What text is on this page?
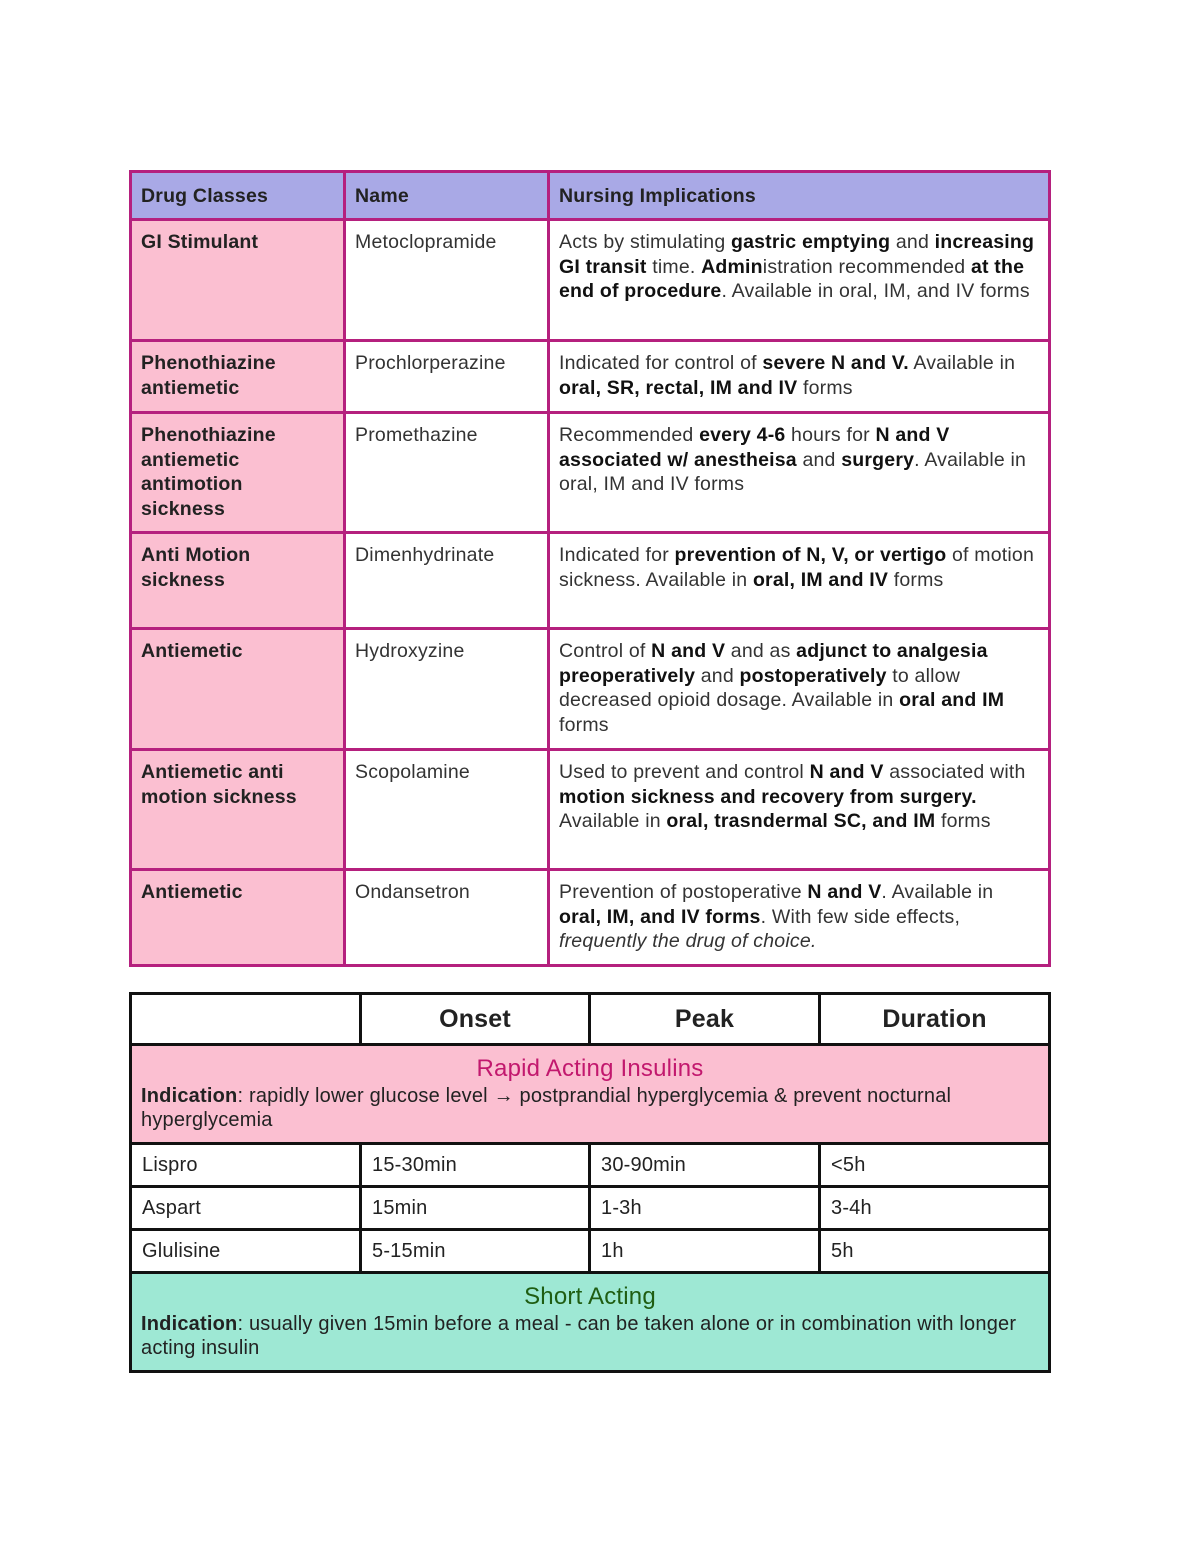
Drug Classes	Name	Nursing Implications
GI Stimulant	Metoclopramide	Acts by stimulating gastric emptying and increasing GI transit time. Administration recommended at the end of procedure. Available in oral, IM, and IV forms
Phenothiazine antiemetic	Prochlorperazine	Indicated for control of severe N and V. Available in oral, SR, rectal, IM and IV forms
Phenothiazine antiemetic antimotion sickness	Promethazine	Recommended every 4-6 hours for N and V associated w/ anestheisa and surgery. Available in oral, IM and IV forms
Anti Motion sickness	Dimenhydrinate	Indicated for prevention of N, V, or vertigo of motion sickness. Available in oral, IM and IV forms
Antiemetic	Hydroxyzine	Control of N and V and as adjunct to analgesia preoperatively and postoperatively to allow decreased opioid dosage. Available in oral and IM forms
Antiemetic anti motion sickness	Scopolamine	Used to prevent and control N and V associated with motion sickness and recovery from surgery. Available in oral, trasndermal SC, and IM forms
Antiemetic	Ondansetron	Prevention of postoperative N and V. Available in oral, IM, and IV forms. With few side effects, frequently the drug of choice.
	Onset	Peak	Duration

Rapid Acting Insulins
Indication: rapidly lower glucose level → postprandial hyperglycemia & prevent nocturnal hyperglycemia			

Lispro	15-30min	30-90min	<5h
Aspart	15min	1-3h	3-4h
Glulisine	5-15min	1h	5h

Short Acting
Indication: usually given 15min before a meal - can be taken alone or in combination with longer acting insulin			
